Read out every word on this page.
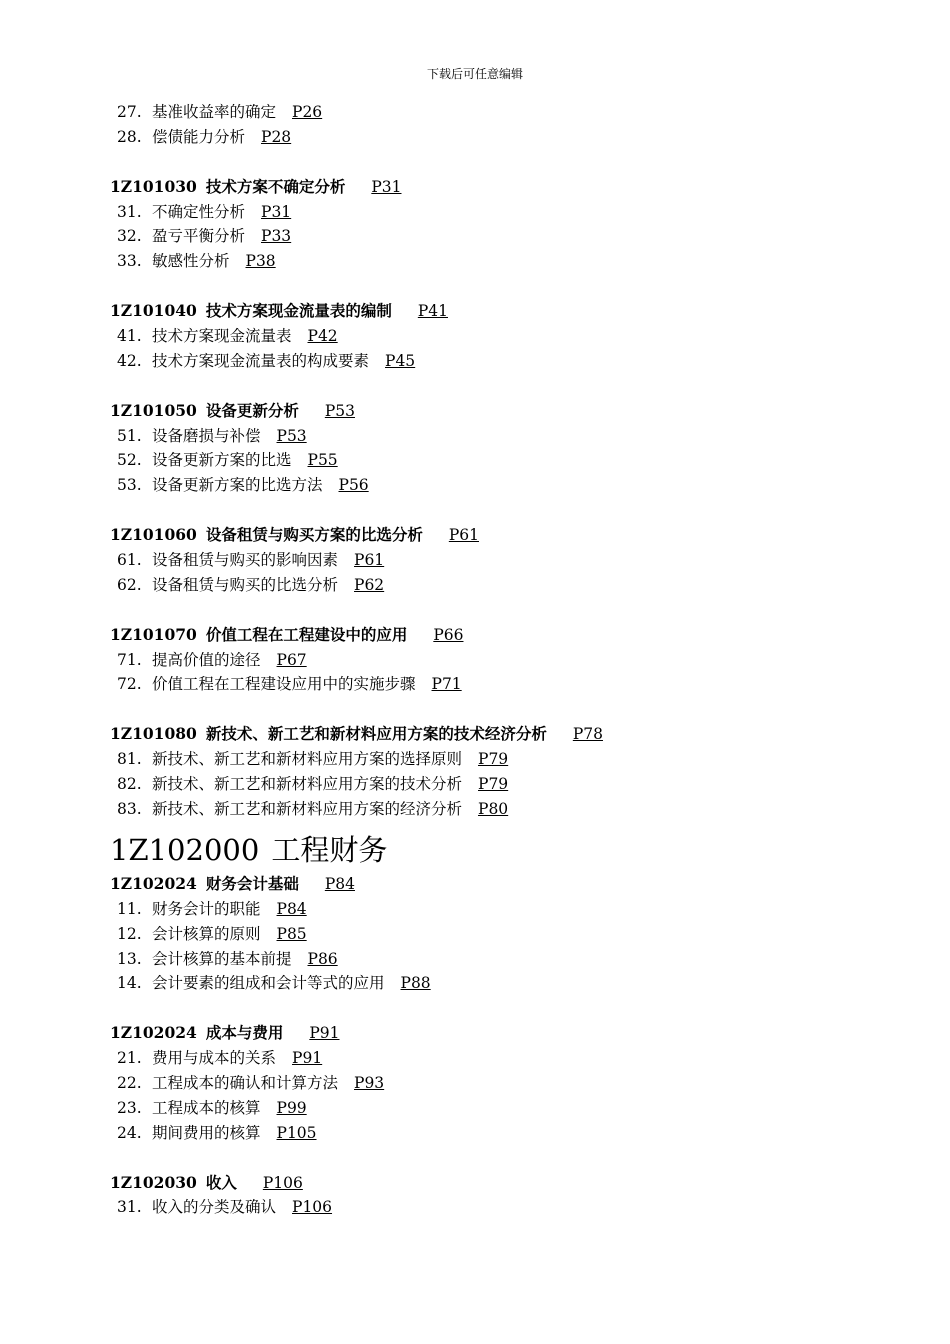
下载后可任意编辑
27. 基准收益率的确定 P26
28. 偿债能力分析 P28
1Z101030 技术方案不确定分析 P31
31. 不确定性分析 P31
32. 盈亏平衡分析 P33
33. 敏感性分析 P38
1Z101040 技术方案现金流量表的编制 P41
41. 技术方案现金流量表 P42
42. 技术方案现金流量表的构成要素 P45
1Z101050 设备更新分析 P53
51. 设备磨损与补偿 P53
52. 设备更新方案的比选 P55
53. 设备更新方案的比选方法 P56
1Z101060 设备租赁与购买方案的比选分析 P61
61. 设备租赁与购买的影响因素 P61
62. 设备租赁与购买的比选分析 P62
1Z101070 价值工程在工程建设中的应用 P66
71. 提高价值的途径 P67
72. 价值工程在工程建设应用中的实施步骤 P71
1Z101080 新技术、新工艺和新材料应用方案的技术经济分析 P78
81. 新技术、新工艺和新材料应用方案的选择原则 P79
82. 新技术、新工艺和新材料应用方案的技术分析 P79
83. 新技术、新工艺和新材料应用方案的经济分析 P80
1Z102000 工程财务
1Z102024 财务会计基础 P84
11. 财务会计的职能 P84
12. 会计核算的原则 P85
13. 会计核算的基本前提 P86
14. 会计要素的组成和会计等式的应用 P88
1Z102024 成本与费用 P91
21. 费用与成本的关系 P91
22. 工程成本的确认和计算方法 P93
23. 工程成本的核算 P99
24. 期间费用的核算 P105
1Z102030 收入 P106
31. 收入的分类及确认 P106
